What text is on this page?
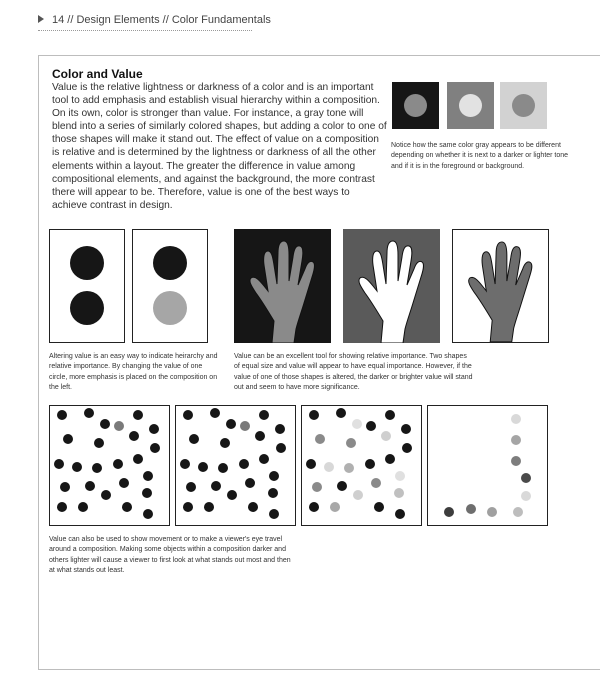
14 // Design Elements // Color Fundamentals
Color and Value
Value is the relative lightness or darkness of a color and is an important tool to add emphasis and establish visual hierarchy within a composition. On its own, color is stronger than value. For instance, a gray tone will blend into a series of similarly colored shapes, but adding a color to one of those shapes will make it stand out. The effect of value on a composition is relative and is determined by the lightness or darkness of all the other elements within a layout. The greater the difference in value among compositional elements, and against the background, the more contrast there will appear to be. Therefore, value is one of the best ways to achieve contrast in design.
Notice how the same color gray appears to be different depending on whether it is next to a darker or lighter tone and if it is in the foreground or background.
Altering value is an easy way to indicate heirarchy and relative importance. By changing the value of one circle, more emphasis is placed on the composition on the left.
Value can be an excellent tool for showing relative importance. Two shapes of equal size and value will appear to have equal importance. However, if the value of one of those shapes is altered, the darker or brighter value will stand out and seem to have more significance.
Value can also be used to show movement or to make a viewer's eye travel around a composition. Making some objects within a composition darker and others lighter will cause a viewer to first look at what stands out most and then at what stands out least.
